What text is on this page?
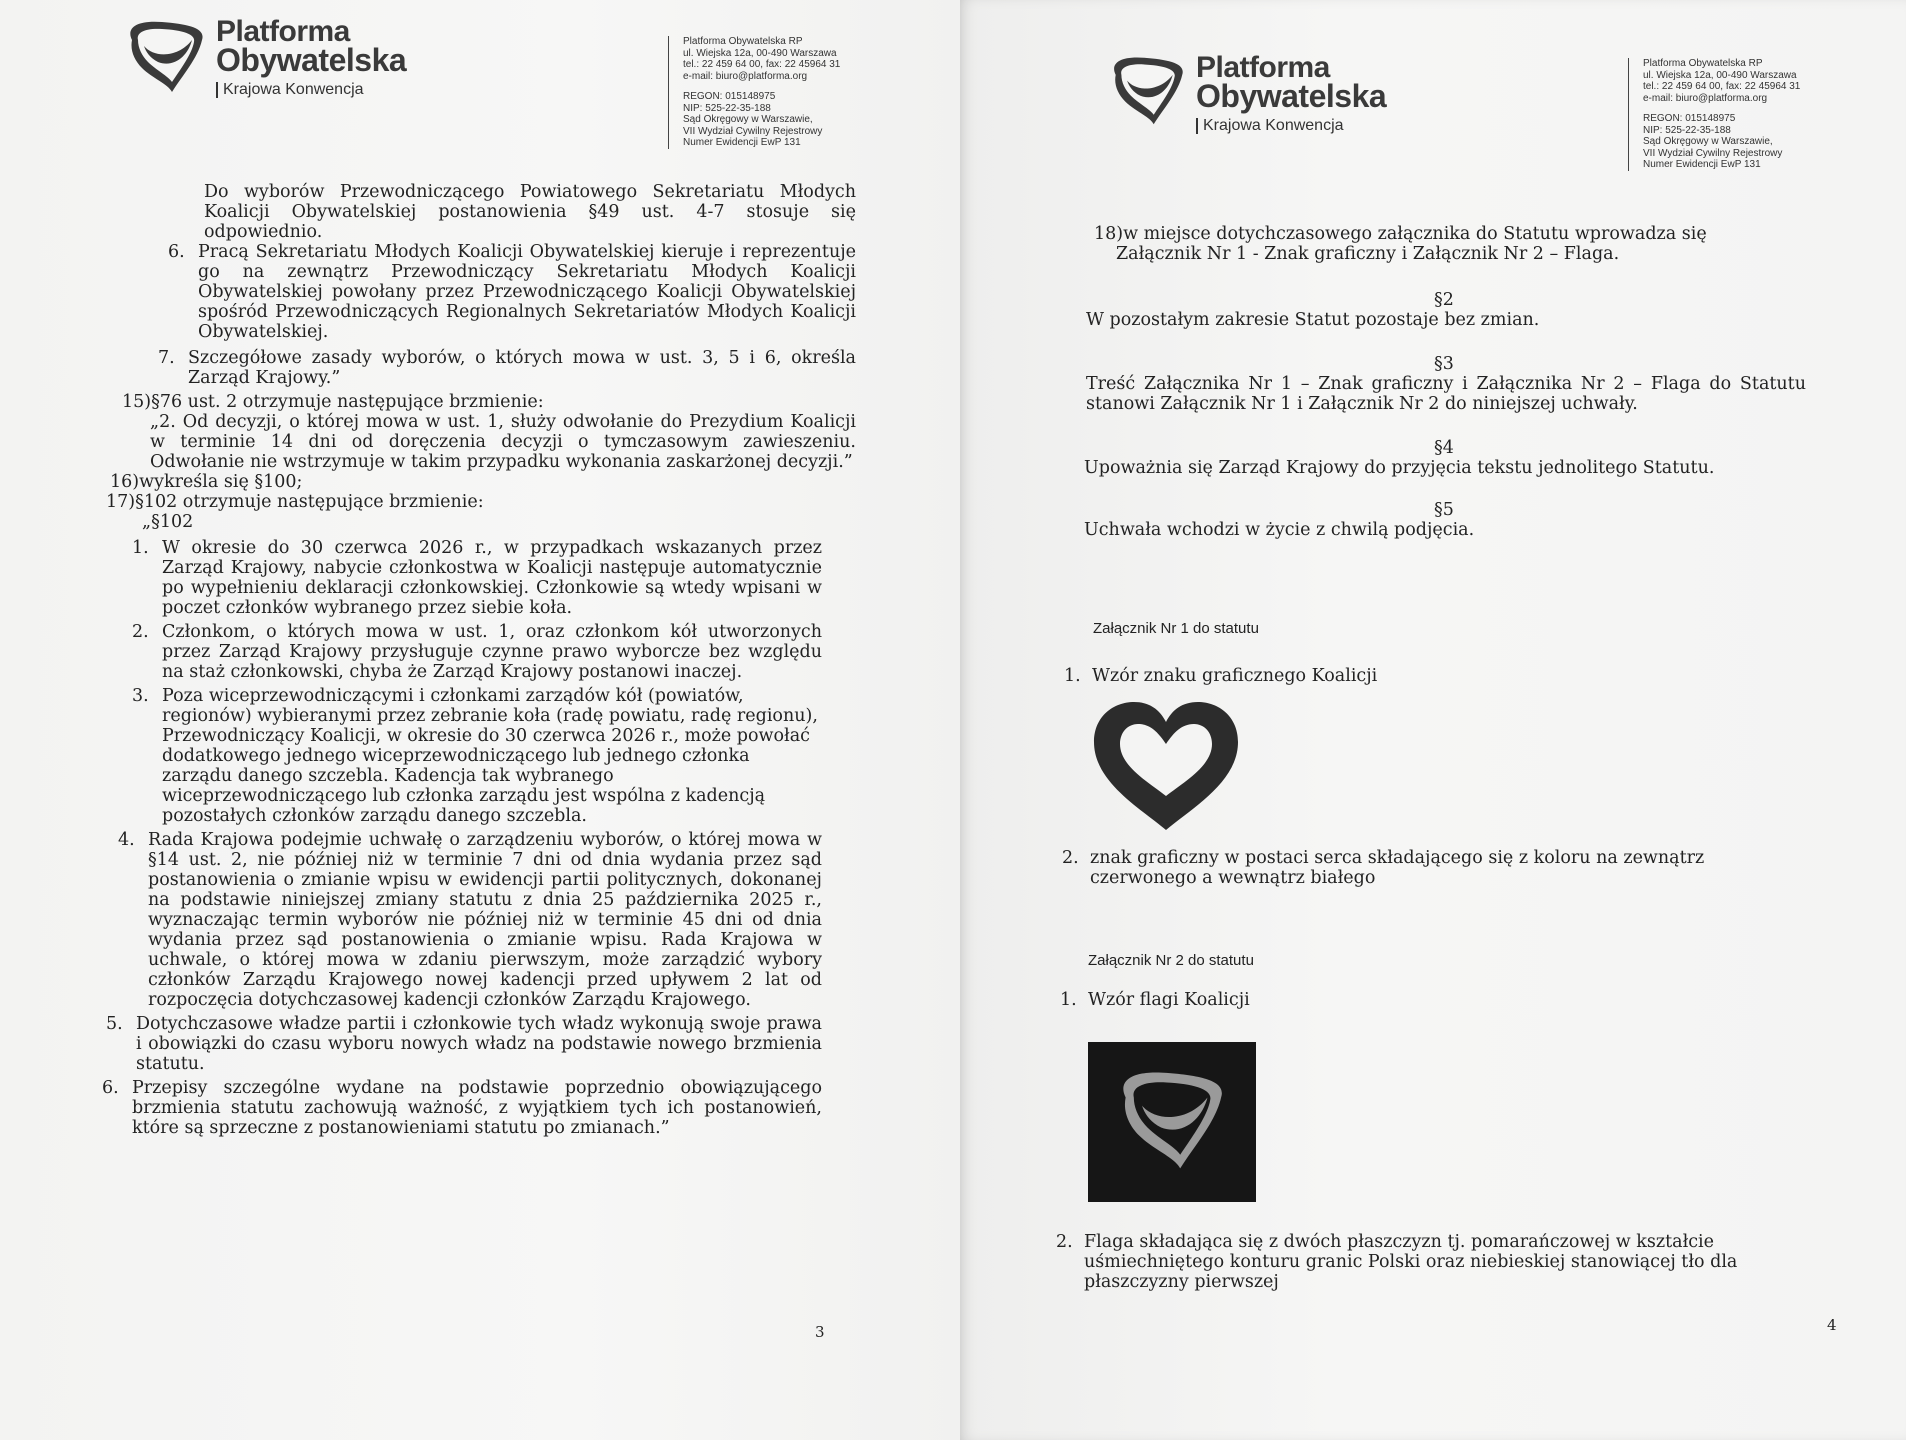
Platforma
Obywatelska
Krajowa Konwencja
Platforma Obywatelska RP
ul. Wiejska 12a, 00-490 Warszawa
tel.: 22 459 64 00, fax: 22 45964 31
e-mail: biuro@platforma.org
REGON: 015148975
NIP: 525-22-35-188
Sąd Okręgowy w Warszawie,
VII Wydział Cywilny Rejestrowy
Numer Ewidencji EwP 131

Do wyborów Przewodniczącego Powiatowego Sekretariatu Młodych Koalicji Obywatelskiej postanowienia §49 ust. 4-7 stosuje się odpowiednio.

6. Pracą Sekretariatu Młodych Koalicji Obywatelskiej kieruje i reprezentuje go na zewnątrz Przewodniczący Sekretariatu Młodych Koalicji Obywatelskiej powołany przez Przewodniczącego Koalicji Obywatelskiej spośród Przewodniczących Regionalnych Sekretariatów Młodych Koalicji Obywatelskiej.
7. Szczegółowe zasady wyborów, o których mowa w ust. 3, 5 i 6, określa Zarząd Krajowy.”

15)§76 ust. 2 otrzymuje następujące brzmienie:

„2. Od decyzji, o której mowa w ust. 1, służy odwołanie do Prezydium Koalicji w terminie 14 dni od doręczenia decyzji o tymczasowym zawieszeniu. Odwołanie nie wstrzymuje w takim przypadku wykonania zaskarżonej decyzji.”

16)wykreśla się §100;

17)§102 otrzymuje następujące brzmienie:

„§102

1. W okresie do 30 czerwca 2026 r., w przypadkach wskazanych przez Zarząd Krajowy, nabycie członkostwa w Koalicji następuje automatycznie po wypełnieniu deklaracji członkowskiej. Członkowie są wtedy wpisani w poczet członków wybranego przez siebie koła.
2. Członkom, o których mowa w ust. 1, oraz członkom kół utworzonych przez Zarząd Krajowy przysługuje czynne prawo wyborcze bez względu na staż członkowski, chyba że Zarząd Krajowy postanowi inaczej.
3. Poza wiceprzewodniczącymi i członkami zarządów kół (powiatów, regionów) wybieranymi przez zebranie koła (radę powiatu, radę regionu), Przewodniczący Koalicji, w okresie do 30 czerwca 2026 r., może powołać dodatkowego jednego wiceprzewodniczącego lub jednego członka zarządu danego szczebla. Kadencja tak wybranego wiceprzewodniczącego lub członka zarządu jest wspólna z kadencją pozostałych członków zarządu danego szczebla.
4. Rada Krajowa podejmie uchwałę o zarządzeniu wyborów, o której mowa w §14 ust. 2, nie później niż w terminie 7 dni od dnia wydania przez sąd postanowienia o zmianie wpisu w ewidencji partii politycznych, dokonanej na podstawie niniejszej zmiany statutu z dnia 25 października 2025 r., wyznaczając termin wyborów nie później niż w terminie 45 dni od dnia wydania przez sąd postanowienia o zmianie wpisu. Rada Krajowa w uchwale, o której mowa w zdaniu pierwszym, może zarządzić wybory członków Zarządu Krajowego nowej kadencji przed upływem 2 lat od rozpoczęcia dotychczasowej kadencji członków Zarządu Krajowego.
5. Dotychczasowe władze partii i członkowie tych władz wykonują swoje prawa i obowiązki do czasu wyboru nowych władz na podstawie nowego brzmienia statutu.
6. Przepisy szczególne wydane na podstawie poprzednio obowiązującego brzmienia statutu zachowują ważność, z wyjątkiem tych ich postanowień, które są sprzeczne z postanowieniami statutu po zmianach.”
3
Platforma
Obywatelska
Krajowa Konwencja
Platforma Obywatelska RP
ul. Wiejska 12a, 00-490 Warszawa
tel.: 22 459 64 00, fax: 22 45964 31
e-mail: biuro@platforma.org
REGON: 015148975
NIP: 525-22-35-188
Sąd Okręgowy w Warszawie,
VII Wydział Cywilny Rejestrowy
Numer Ewidencji EwP 131

18)w miejsce dotychczasowego załącznika do Statutu wprowadza się Załącznik Nr 1 - Znak graficzny i Załącznik Nr 2 – Flaga.

§2

W pozostałym zakresie Statut pozostaje bez zmian.

§3

Treść Załącznika Nr 1 – Znak graficzny i Załącznika Nr 2 – Flaga do Statutu stanowi Załącznik Nr 1 i Załącznik Nr 2 do niniejszej uchwały.

§4

Upoważnia się Zarząd Krajowy do przyjęcia tekstu jednolitego Statutu.

§5

Uchwała wchodzi w życie z chwilą podjęcia.

Załącznik Nr 1 do statutu
1. Wzór znaku graficznego Koalicji
2. znak graficzny w postaci serca składającego się z koloru na zewnątrz czerwonego a wewnątrz białego
Załącznik Nr 2 do statutu
1. Wzór flagi Koalicji
2. Flaga składająca się z dwóch płaszczyzn tj. pomarańczowej w kształcie uśmiechniętego konturu granic Polski oraz niebieskiej stanowiącej tło dla płaszczyzny pierwszej
4
